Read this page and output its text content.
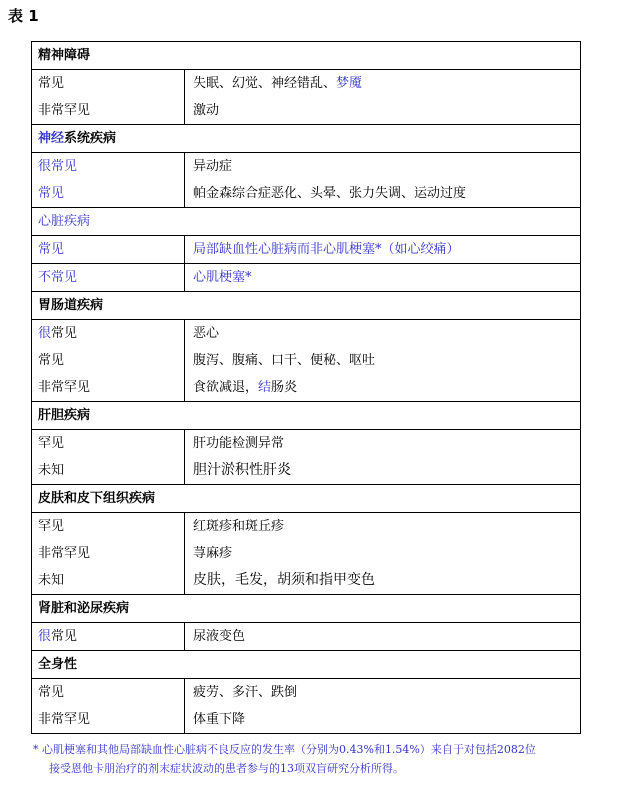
表 1
精神障碍	
常见	失眠、幻觉、神经错乱、梦魇
非常罕见	激动
神经系统疾病	
很常见	异动症
常见	帕金森综合症恶化、头晕、张力失调、运动过度
心脏疾病	
常见	局部缺血性心脏病而非心肌梗塞*（如心绞痛）
不常见	心肌梗塞*
胃肠道疾病	
很常见	恶心
常见	腹泻、腹痛、口干、便秘、呕吐
非常罕见	食欲减退，结肠炎
肝胆疾病	
罕见	肝功能检测异常
未知	胆汁淤积性肝炎
皮肤和皮下组织疾病	
罕见	红斑疹和斑丘疹
非常罕见	荨麻疹
未知	皮肤，毛发，胡须和指甲变色
肾脏和泌尿疾病	
很常见	尿液变色
全身性	
常见	疲劳、多汗、跌倒
非常罕见	体重下降
* 心肌梗塞和其他局部缺血性心脏病不良反应的发生率（分别为0.43%和1.54%）来自于对包括2082位
接受恩他卡朋治疗的剂末症状波动的患者参与的13项双盲研究分析所得。
